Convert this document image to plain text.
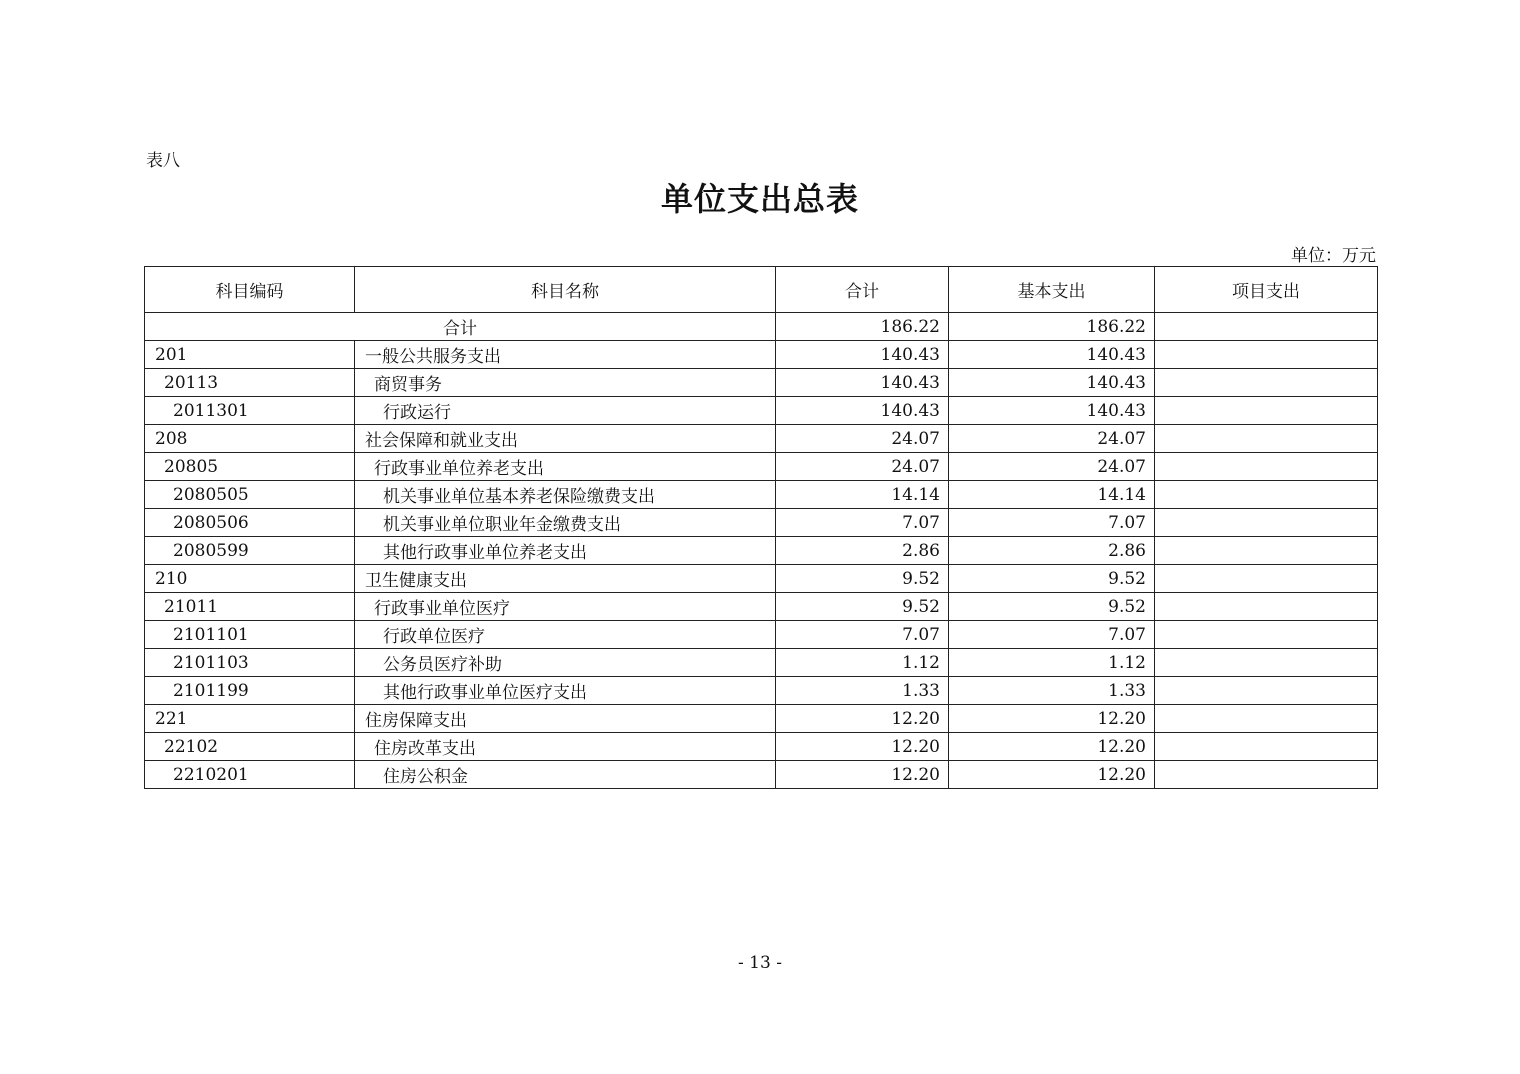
表八
单位支出总表
单位：万元
科目编码	科目名称	合计	基本支出	项目支出
合计		186.22	186.22	
201	一般公共服务支出	140.43	140.43	
20113	商贸事务	140.43	140.43	
2011301	行政运行	140.43	140.43	
208	社会保障和就业支出	24.07	24.07	
20805	行政事业单位养老支出	24.07	24.07	
2080505	机关事业单位基本养老保险缴费支出	14.14	14.14	
2080506	机关事业单位职业年金缴费支出	7.07	7.07	
2080599	其他行政事业单位养老支出	2.86	2.86	
210	卫生健康支出	9.52	9.52	
21011	行政事业单位医疗	9.52	9.52	
2101101	行政单位医疗	7.07	7.07	
2101103	公务员医疗补助	1.12	1.12	
2101199	其他行政事业单位医疗支出	1.33	1.33	
221	住房保障支出	12.20	12.20	
22102	住房改革支出	12.20	12.20	
2210201	住房公积金	12.20	12.20	
- 13 -
